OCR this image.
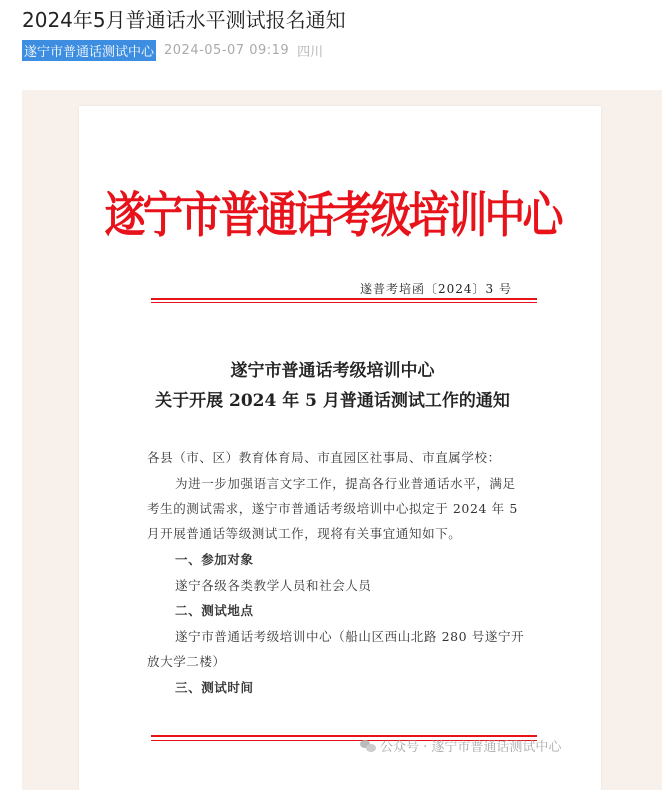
2024年5月普通话水平测试报名通知
遂宁市普通话测试中心 2024-05-07 09:19 四川
遂宁市普通话考级培训中心
遂普考培函〔2024〕3 号
遂宁市普通话考级培训中心
关于开展 2024 年 5 月普通话测试工作的通知
各县（市、区）教育体育局、市直园区社事局、市直属学校：
为进一步加强语言文字工作，提高各行业普通话水平，满足
考生的测试需求，遂宁市普通话考级培训中心拟定于 2024 年 5
月开展普通话等级测试工作，现将有关事宜通知如下。
一、参加对象
遂宁各级各类教学人员和社会人员
二、测试地点
遂宁市普通话考级培训中心（船山区西山北路 280 号遂宁开
放大学二楼）
三、测试时间
公众号 · 遂宁市普通话测试中心
